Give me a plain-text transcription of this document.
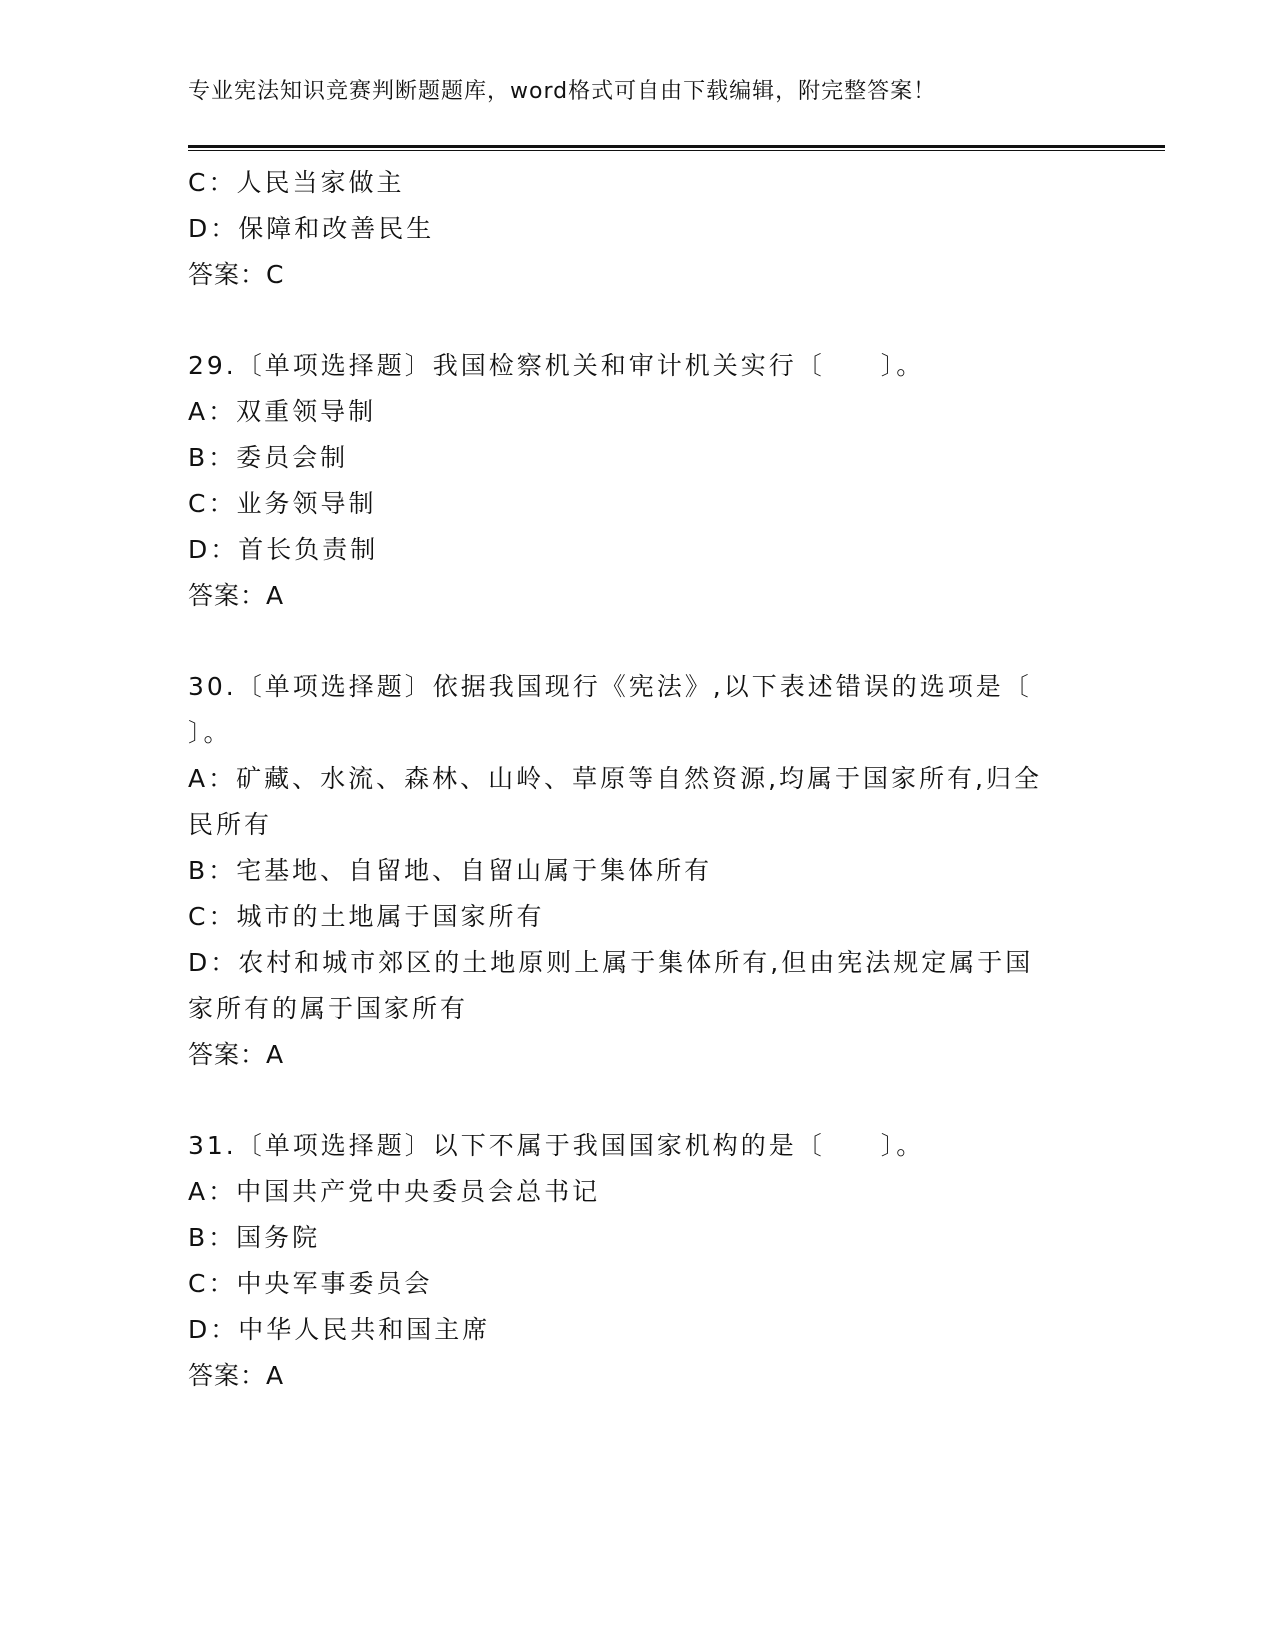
专业宪法知识竞赛判断题题库，word格式可自由下载编辑，附完整答案！
C：人民当家做主
D：保障和改善民生
答案：C
29.〔单项选择题〕我国检察机关和审计机关实行〔　　〕。
A：双重领导制
B：委员会制
C：业务领导制
D：首长负责制
答案：A
30.〔单项选择题〕依据我国现行《宪法》,以下表述错误的选项是〔
〕。
A：矿藏、水流、森林、山岭、草原等自然资源,均属于国家所有,归全
民所有
B：宅基地、自留地、自留山属于集体所有
C：城市的土地属于国家所有
D：农村和城市郊区的土地原则上属于集体所有,但由宪法规定属于国
家所有的属于国家所有
答案：A
31.〔单项选择题〕以下不属于我国国家机构的是〔　　〕。
A：中国共产党中央委员会总书记
B：国务院
C：中央军事委员会
D：中华人民共和国主席
答案：A
